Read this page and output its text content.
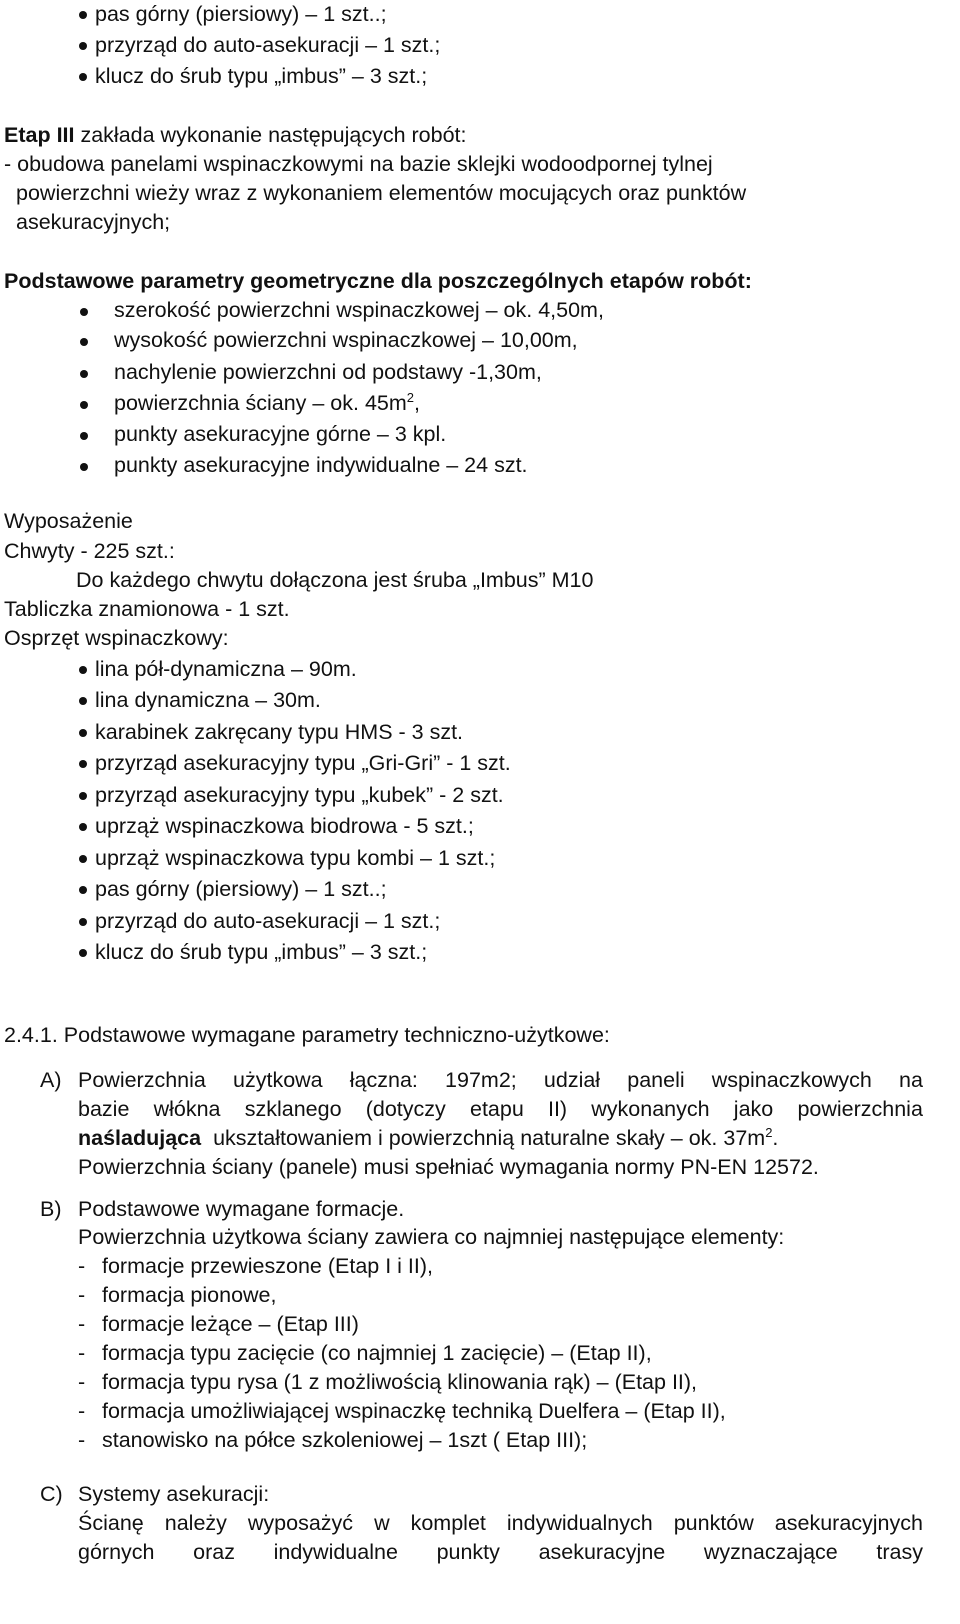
pas górny (piersiowy) – 1 szt..;
przyrząd do auto-asekuracji – 1 szt.;
klucz do śrub typu „imbus” – 3 szt.;
Etap III zakłada wykonanie następujących robót:
- obudowa panelami wspinaczkowymi na bazie sklejki wodoodpornej tylnej
powierzchni wieży wraz z wykonaniem elementów mocujących oraz punktów
asekuracyjnych;
Podstawowe parametry geometryczne dla poszczególnych etapów robót:
szerokość powierzchni wspinaczkowej – ok. 4,50m,
wysokość powierzchni wspinaczkowej – 10,00m,
nachylenie powierzchni od podstawy -1,30m,
powierzchnia ściany – ok. $45m^2$,
punkty asekuracyjne górne – 3 kpl.
punkty asekuracyjne indywidualne – 24 szt.
Wyposażenie
Chwyty - 225 szt.:
Do każdego chwytu dołączona jest śruba „Imbus” M10
Tabliczka znamionowa - 1 szt.
Osprzęt wspinaczkowy:
lina pół-dynamiczna – 90m.
lina dynamiczna – 30m.
karabinek zakręcany typu HMS - 3 szt.
przyrząd asekuracyjny typu „Gri-Gri” - 1 szt.
przyrząd asekuracyjny typu „kubek” - 2 szt.
uprząż wspinaczkowa biodrowa - 5 szt.;
uprząż wspinaczkowa typu kombi – 1 szt.;
pas górny (piersiowy) – 1 szt..;
przyrząd do auto-asekuracji – 1 szt.;
klucz do śrub typu „imbus” – 3 szt.;
2.4.1. Podstawowe wymagane parametry techniczno-użytkowe:
A) Powierzchnia użytkowa łączna: 197m2; udział paneli wspinaczkowych na
bazie włókna szklanego (dotyczy etapu II) wykonanych jako powierzchnia
naśladująca ukształtowaniem i powierzchnią naturalne skały – ok. $37m^2$.
Powierzchnia ściany (panele) musi spełniać wymagania normy PN-EN 12572.
B) Podstawowe wymagane formacje.
Powierzchnia użytkowa ściany zawiera co najmniej następujące elementy:
- formacje przewieszone (Etap I i II),
- formacja pionowe,
- formacje leżące – (Etap III)
- formacja typu zacięcie (co najmniej 1 zacięcie) – (Etap II),
- formacja typu rysa (1 z możliwością klinowania rąk) – (Etap II),
- formacja umożliwiającej wspinaczkę techniką Duelfera – (Etap II),
- stanowisko na półce szkoleniowej – 1szt ( Etap III);
C) Systemy asekuracji:
Ścianę należy wyposażyć w komplet indywidualnych punktów asekuracyjnych
górnych oraz indywidualne punkty asekuracyjne wyznaczające trasy
